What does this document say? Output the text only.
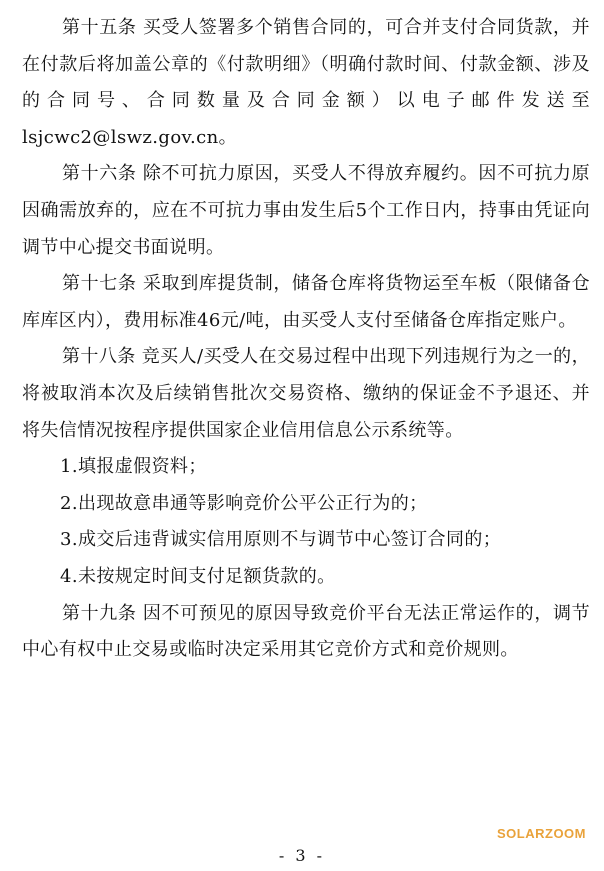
第十五条 买受人签署多个销售合同的，可合并支付合同货款，并在付款后将加盖公章的《付款明细》（明确付款时间、付款金额、涉及的合同号、合同数量及合同金额）以电子邮件发送至 lsjcwc2@lswz.gov.cn。

第十六条 除不可抗力原因，买受人不得放弃履约。因不可抗力原因确需放弃的，应在不可抗力事由发生后5个工作日内，持事由凭证向调节中心提交书面说明。

第十七条 采取到库提货制，储备仓库将货物运至车板（限储备仓库库区内），费用标准46元/吨，由买受人支付至储备仓库指定账户。

第十八条 竞买人/买受人在交易过程中出现下列违规行为之一的，将被取消本次及后续销售批次交易资格、缴纳的保证金不予退还、并将失信情况按程序提供国家企业信用信息公示系统等。

1.填报虚假资料；

2.出现故意串通等影响竞价公平公正行为的；

3.成交后违背诚实信用原则不与调节中心签订合同的；

4.未按规定时间支付足额货款的。

第十九条 因不可预见的原因导致竞价平台无法正常运作的，调节中心有权中止交易或临时决定采用其它竞价方式和竞价规则。

SOLARZOOM
- 3 -
